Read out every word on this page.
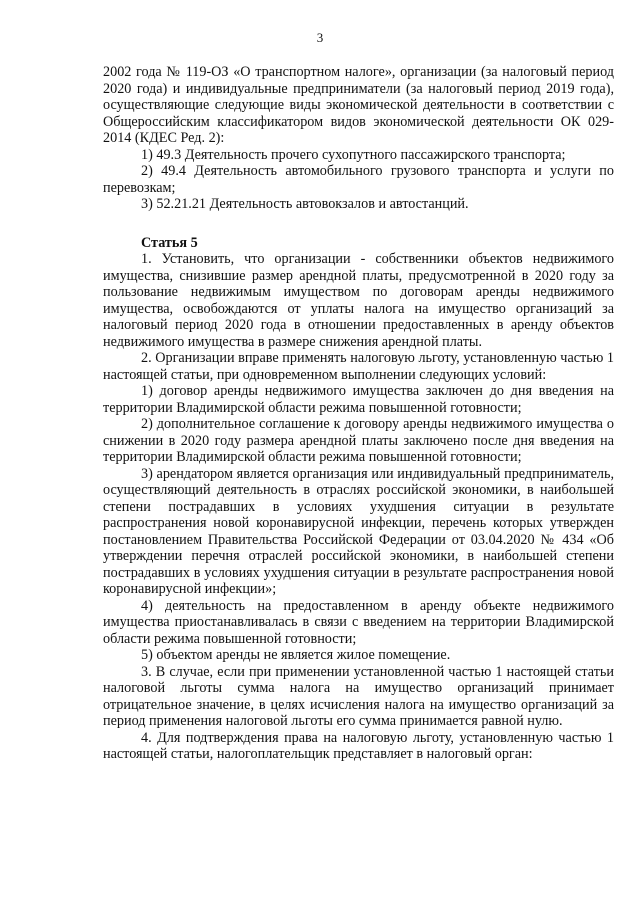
3

2002 года № 119-ОЗ «О транспортном налоге», организации (за налоговый период 2020 года) и индивидуальные предприниматели (за налоговый период 2019 года), осуществляющие следующие виды экономической деятельности в соответствии с Общероссийским классификатором видов экономической деятельности ОК 029-2014 (КДЕС Ред. 2):

1) 49.3 Деятельность прочего сухопутного пассажирского транспорта;

2) 49.4 Деятельность автомобильного грузового транспорта и услуги по перевозкам;

3) 52.21.21 Деятельность автовокзалов и автостанций.

Статья 5

1. Установить, что организации - собственники объектов недвижимого имущества, снизившие размер арендной платы, предусмотренной в 2020 году за пользование недвижимым имуществом по договорам аренды недвижимого имущества, освобождаются от уплаты налога на имущество организаций за налоговый период 2020 года в отношении предоставленных в аренду объектов недвижимого имущества в размере снижения арендной платы.

2. Организации вправе применять налоговую льготу, установленную частью 1 настоящей статьи, при одновременном выполнении следующих условий:

1) договор аренды недвижимого имущества заключен до дня введения на территории Владимирской области режима повышенной готовности;

2) дополнительное соглашение к договору аренды недвижимого имущества о снижении в 2020 году размера арендной платы заключено после дня введения на территории Владимирской области режима повышенной готовности;

3) арендатором является организация или индивидуальный предприниматель, осуществляющий деятельность в отраслях российской экономики, в наибольшей степени пострадавших в условиях ухудшения ситуации в результате распространения новой коронавирусной инфекции, перечень которых утвержден постановлением Правительства Российской Федерации от 03.04.2020 № 434 «Об утверждении перечня отраслей российской экономики, в наибольшей степени пострадавших в условиях ухудшения ситуации в результате распространения новой коронавирусной инфекции»;

4) деятельность на предоставленном в аренду объекте недвижимого имущества приостанавливалась в связи с введением на территории Владимирской области режима повышенной готовности;

5) объектом аренды не является жилое помещение.

3. В случае, если при применении установленной частью 1 настоящей статьи налоговой льготы сумма налога на имущество организаций принимает отрицательное значение, в целях исчисления налога на имущество организаций за период применения налоговой льготы его сумма принимается равной нулю.

4. Для подтверждения права на налоговую льготу, установленную частью 1 настоящей статьи, налогоплательщик представляет в налоговый орган:
